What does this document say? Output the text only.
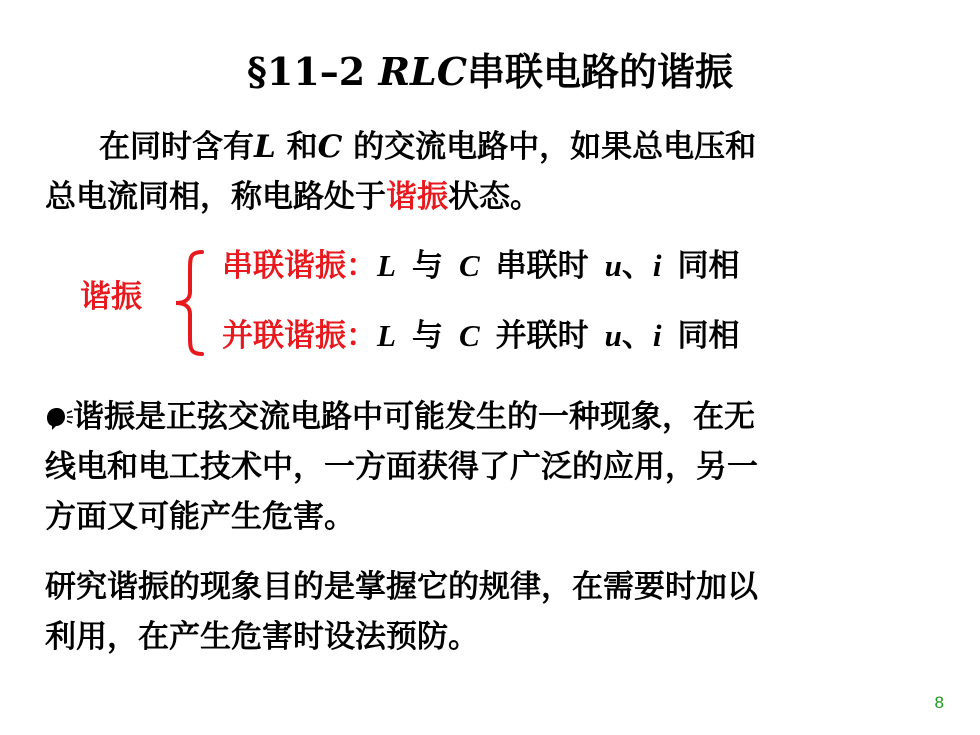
§11–2 RLC串联电路的谐振
在同时含有L 和C 的交流电路中，如果总电压和
总电流同相，称电路处于谐振状态。
谐振
串联谐振：L 与 C 串联时 u、i 同相
并联谐振：L 与 C 并联时 u、i 同相
谐振是正弦交流电路中可能发生的一种现象，在无
线电和电工技术中，一方面获得了广泛的应用，另一
方面又可能产生危害。
研究谐振的现象目的是掌握它的规律，在需要时加以
利用，在产生危害时设法预防。
8
